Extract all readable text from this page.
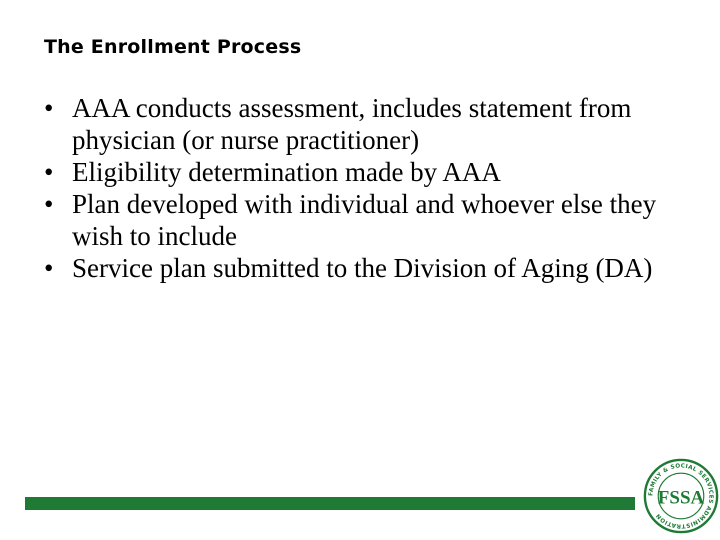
The Enrollment Process
• AAA conducts assessment, includes statement from physician (or nurse practitioner)
• Eligibility determination made by AAA
• Plan developed with individual and whoever else they wish to include
• Service plan submitted to the Division of Aging (DA)
FAMILY & SOCIAL SERVICES ADMINISTRATION
FSSA
